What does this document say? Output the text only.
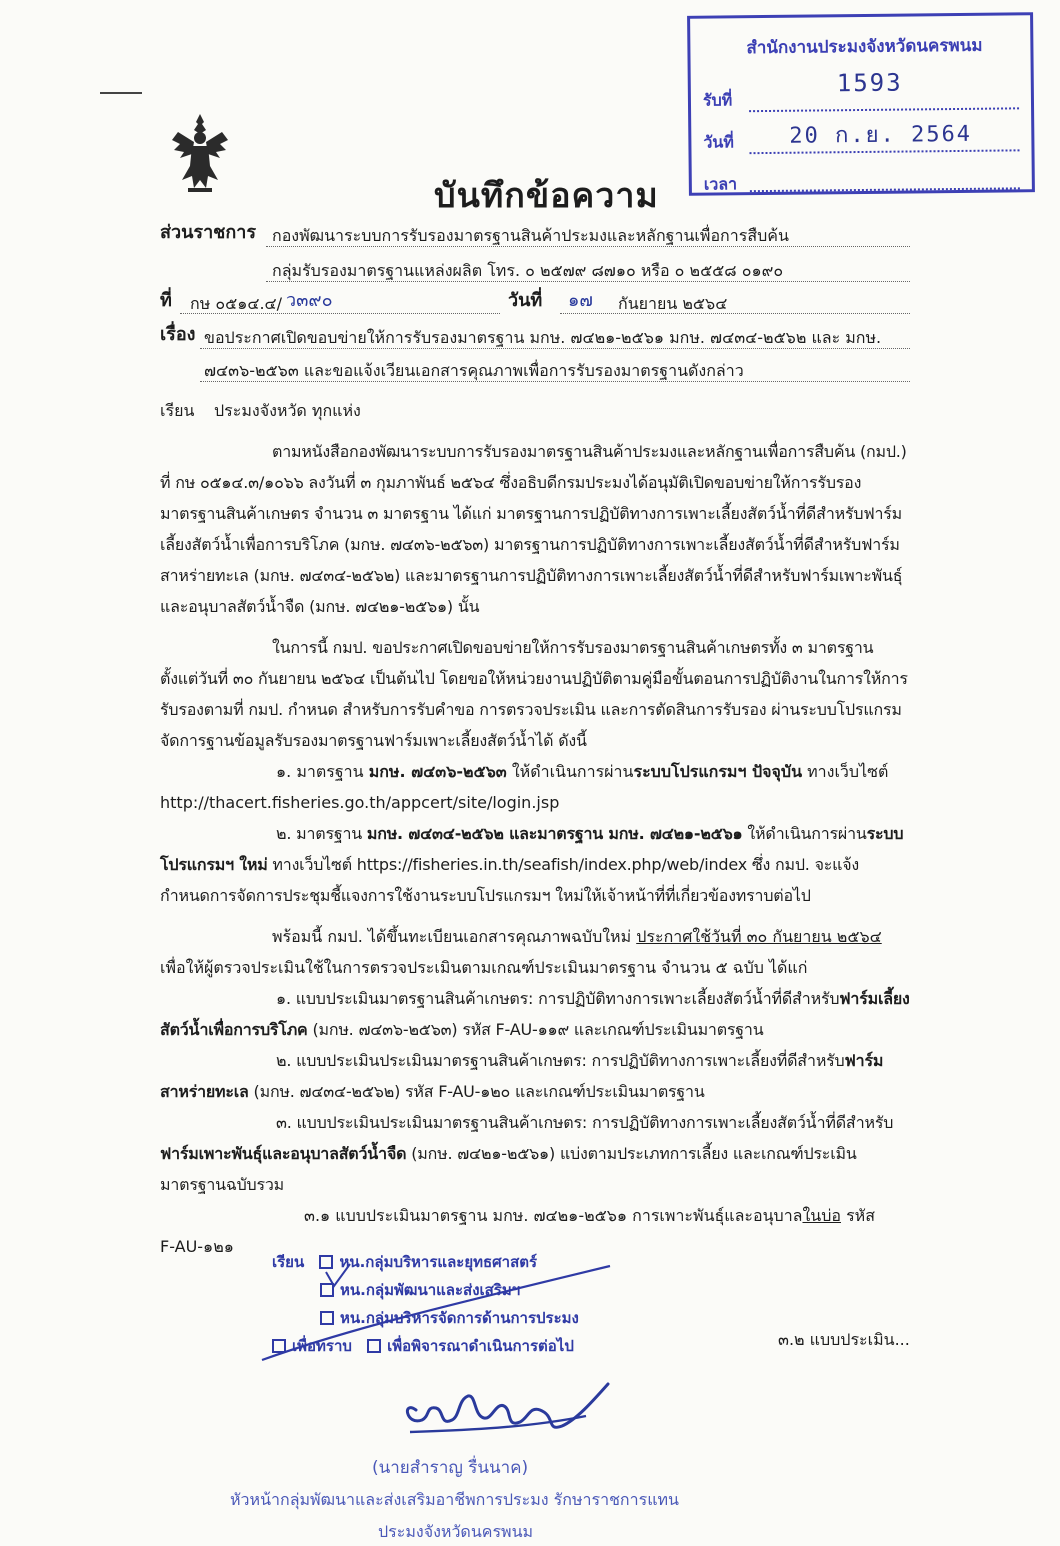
สำนักงานประมงจังหวัดนครพนม
รับที่
1593
วันที่	20 ก.ย. 2564
เวลา
บันทึกข้อความ
ส่วนราชการ กองพัฒนาระบบการรับรองมาตรฐานสินค้าประมงและหลักฐานเพื่อการสืบค้น
กลุ่มรับรองมาตรฐานแหล่งผลิต โทร. ๐ ๒๕๗๙ ๘๗๑๐ หรือ ๐ ๒๕๕๘ ๐๑๙๐
ที่ กษ ๐๕๑๔.๔/ ว๓๙๐	วันที่ ๑๗ กันยายน ๒๕๖๔
เรื่อง ขอประกาศเปิดขอบข่ายให้การรับรองมาตรฐาน มกษ. ๗๔๒๑-๒๕๖๑ มกษ. ๗๔๓๔-๒๕๖๒ และ มกษ.
๗๔๓๖-๒๕๖๓ และขอแจ้งเวียนเอกสารคุณภาพเพื่อการรับรองมาตรฐานดังกล่าว
เรียน ประมงจังหวัด ทุกแห่ง

ตามหนังสือกองพัฒนาระบบการรับรองมาตรฐานสินค้าประมงและหลักฐานเพื่อการสืบค้น (กมป.) ที่ กษ ๐๕๑๔.๓/๑๐๖๖ ลงวันที่ ๓ กุมภาพันธ์ ๒๕๖๔ ซึ่งอธิบดีกรมประมงได้อนุมัติเปิดขอบข่ายให้การรับรองมาตรฐานสินค้าเกษตร จำนวน ๓ มาตรฐาน ได้แก่ มาตรฐานการปฏิบัติทางการเพาะเลี้ยงสัตว์น้ำที่ดีสำหรับฟาร์มเลี้ยงสัตว์น้ำเพื่อการบริโภค (มกษ. ๗๔๓๖-๒๕๖๓) มาตรฐานการปฏิบัติทางการเพาะเลี้ยงสัตว์น้ำที่ดีสำหรับฟาร์มสาหร่ายทะเล (มกษ. ๗๔๓๔-๒๕๖๒) และมาตรฐานการปฏิบัติทางการเพาะเลี้ยงสัตว์น้ำที่ดีสำหรับฟาร์มเพาะพันธุ์และอนุบาลสัตว์น้ำจืด (มกษ. ๗๔๒๑-๒๕๖๑) นั้น

ในการนี้ กมป. ขอประกาศเปิดขอบข่ายให้การรับรองมาตรฐานสินค้าเกษตรทั้ง ๓ มาตรฐาน ตั้งแต่วันที่ ๓๐ กันยายน ๒๕๖๔ เป็นต้นไป โดยขอให้หน่วยงานปฏิบัติตามคู่มือขั้นตอนการปฏิบัติงานในการให้การรับรองตามที่ กมป. กำหนด สำหรับการรับคำขอ การตรวจประเมิน และการตัดสินการรับรอง ผ่านระบบโปรแกรมจัดการฐานข้อมูลรับรองมาตรฐานฟาร์มเพาะเลี้ยงสัตว์น้ำได้ ดังนี้

๑. มาตรฐาน มกษ. ๗๔๓๖-๒๕๖๓ ให้ดำเนินการผ่านระบบโปรแกรมฯ ปัจจุบัน ทางเว็บไซต์

http://thacert.fisheries.go.th/appcert/site/login.jsp

๒. มาตรฐาน มกษ. ๗๔๓๔-๒๕๖๒ และมาตรฐาน มกษ. ๗๔๒๑-๒๕๖๑ ให้ดำเนินการผ่านระบบโปรแกรมฯ ใหม่ ทางเว็บไซต์ https://fisheries.in.th/seafish/index.php/web/index ซึ่ง กมป. จะแจ้งกำหนดการจัดการประชุมชี้แจงการใช้งานระบบโปรแกรมฯ ใหม่ให้เจ้าหน้าที่ที่เกี่ยวข้องทราบต่อไป

พร้อมนี้ กมป. ได้ขึ้นทะเบียนเอกสารคุณภาพฉบับใหม่ ประกาศใช้วันที่ ๓๐ กันยายน ๒๕๖๔ เพื่อให้ผู้ตรวจประเมินใช้ในการตรวจประเมินตามเกณฑ์ประเมินมาตรฐาน จำนวน ๕ ฉบับ ได้แก่

๑. แบบประเมินมาตรฐานสินค้าเกษตร: การปฏิบัติทางการเพาะเลี้ยงสัตว์น้ำที่ดีสำหรับฟาร์มเลี้ยงสัตว์น้ำเพื่อการบริโภค (มกษ. ๗๔๓๖-๒๕๖๓) รหัส F-AU-๑๑๙ และเกณฑ์ประเมินมาตรฐาน

๒. แบบประเมินประเมินมาตรฐานสินค้าเกษตร: การปฏิบัติทางการเพาะเลี้ยงที่ดีสำหรับฟาร์มสาหร่ายทะเล (มกษ. ๗๔๓๔-๒๕๖๒) รหัส F-AU-๑๒๐ และเกณฑ์ประเมินมาตรฐาน

๓. แบบประเมินประเมินมาตรฐานสินค้าเกษตร: การปฏิบัติทางการเพาะเลี้ยงสัตว์น้ำที่ดีสำหรับฟาร์มเพาะพันธุ์และอนุบาลสัตว์น้ำจืด (มกษ. ๗๔๒๑-๒๕๖๑) แบ่งตามประเภทการเลี้ยง และเกณฑ์ประเมินมาตรฐานฉบับรวม

๓.๑ แบบประเมินมาตรฐาน มกษ. ๗๔๒๑-๒๕๖๑ การเพาะพันธุ์และอนุบาลในบ่อ รหัส

F-AU-๑๒๑

๓.๒ แบบประเมิน...
เรียน หน.กลุ่มบริหารและยุทธศาสตร์
หน.กลุ่มพัฒนาและส่งเสริมฯ
หน.กลุ่มบริหารจัดการด้านการประมง
เพื่อทราบ เพื่อพิจารณาดำเนินการต่อไป
(นายสำราญ รื่นนาค)
หัวหน้ากลุ่มพัฒนาและส่งเสริมอาชีพการประมง รักษาราชการแทน
ประมงจังหวัดนครพนม
